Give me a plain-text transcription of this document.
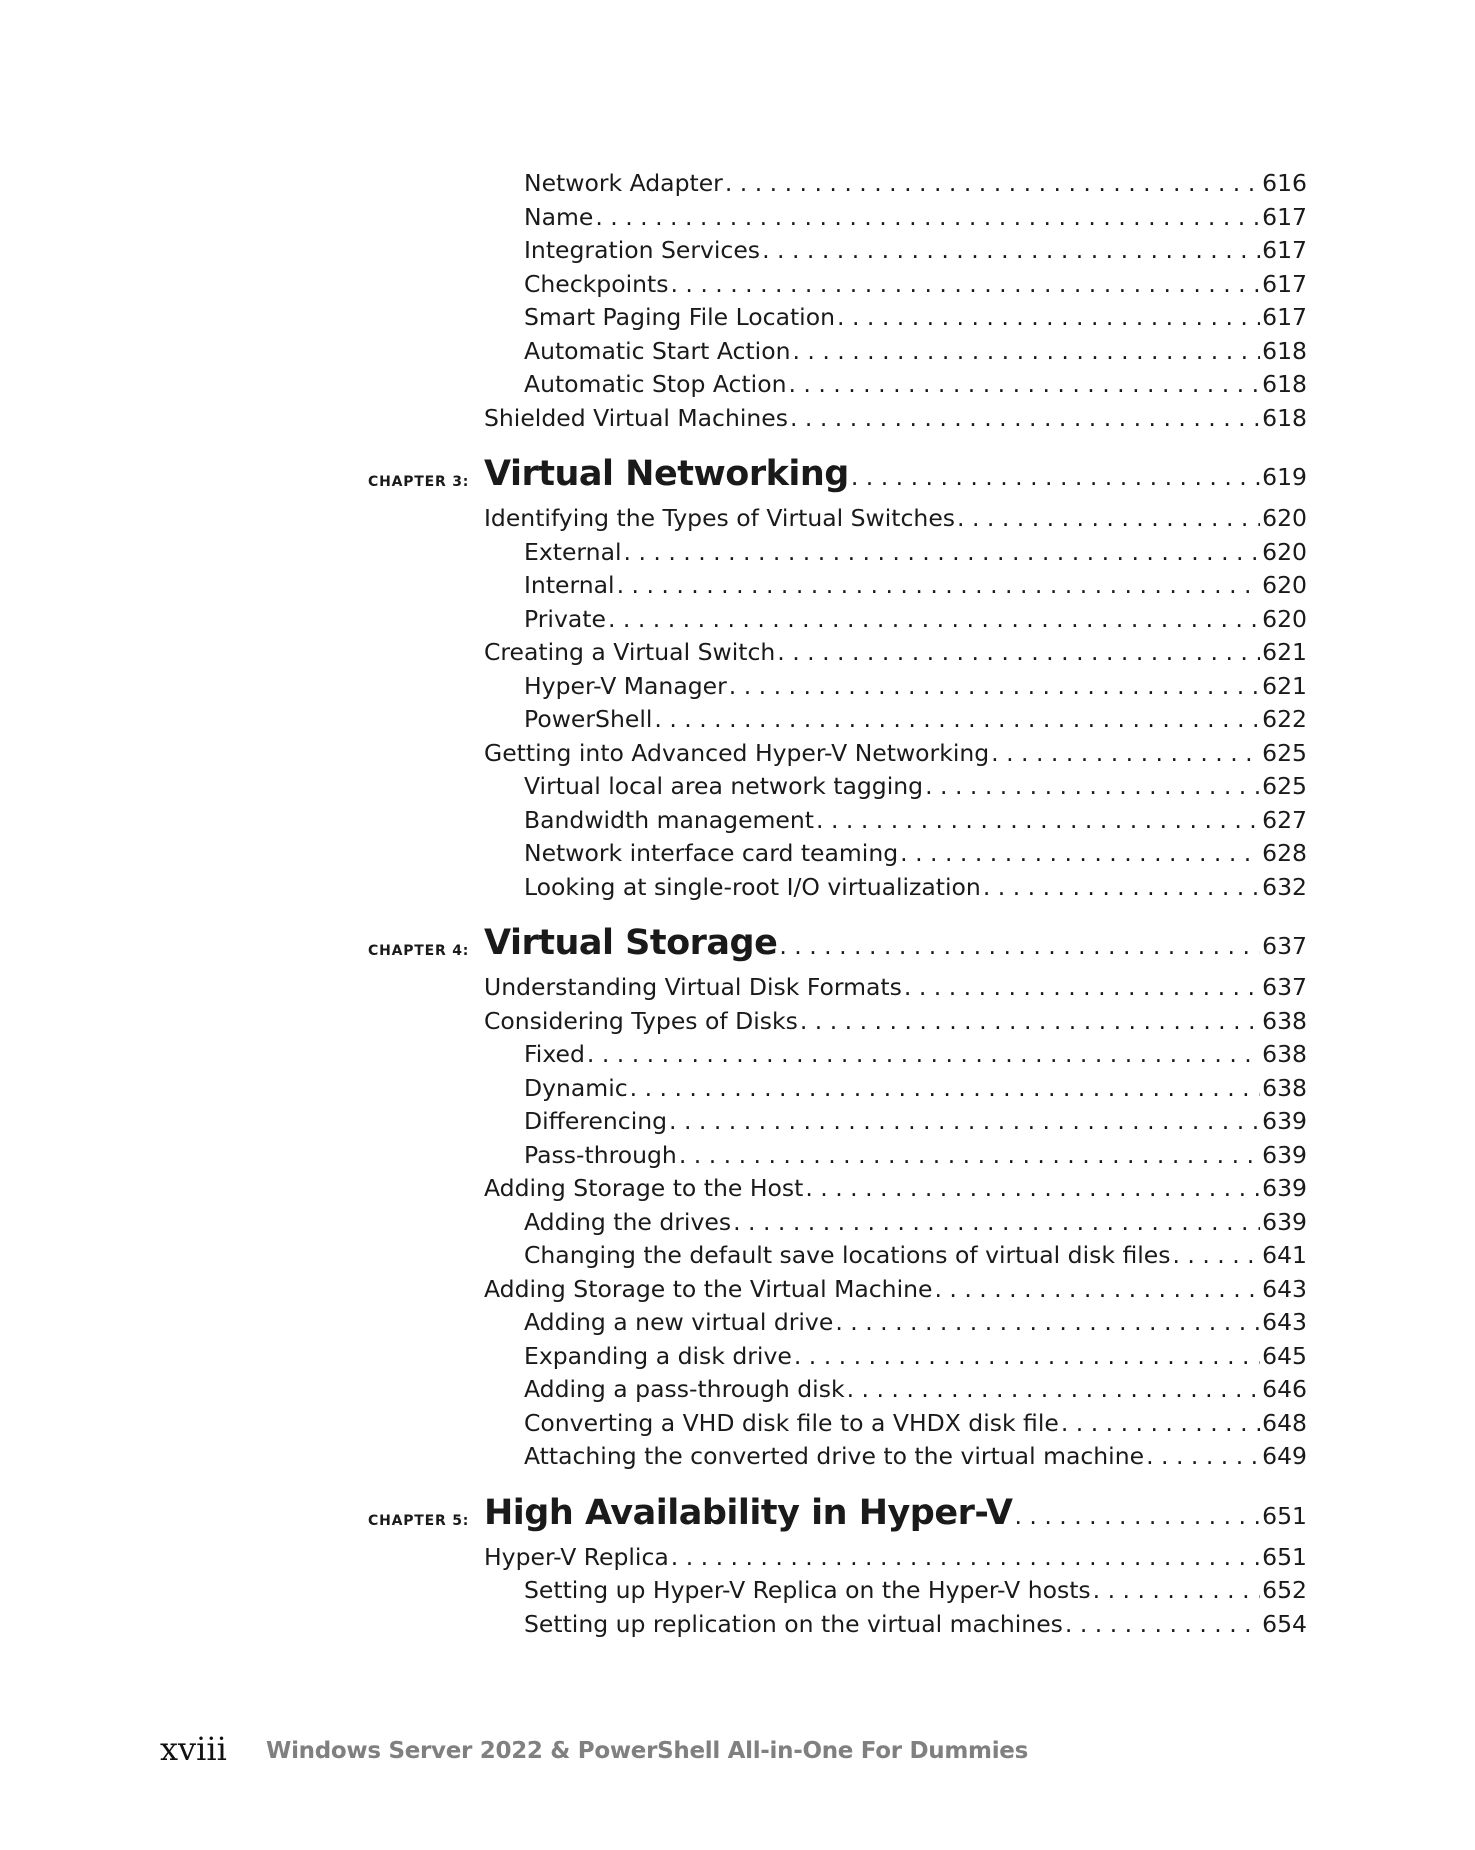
Network Adapter . . .	616
Name . . .	617
Integration Services . . .	617
Checkpoints . . .	617
Smart Paging File Location . . .	617
Automatic Start Action . . .	618
Automatic Stop Action . . .	618
Shielded Virtual Machines . . .	618
CHAPTER 3: Virtual Networking . . .	619
Identifying the Types of Virtual Switches . . .	620
External . . .	620
Internal . . .	620
Private . . .	620
Creating a Virtual Switch . . .	621
Hyper-V Manager . . .	621
PowerShell . . .	622
Getting into Advanced Hyper-V Networking . . .	625
Virtual local area network tagging . . .	625
Bandwidth management . . .	627
Network interface card teaming . . .	628
Looking at single-root I/O virtualization . . .	632
CHAPTER 4: Virtual Storage . . .	637
Understanding Virtual Disk Formats . . .	637
Considering Types of Disks . . .	638
Fixed . . .	638
Dynamic . . .	638
Differencing . . .	639
Pass-through . . .	639
Adding Storage to the Host . . .	639
Adding the drives . . .	639
Changing the default save locations of virtual disk files . . .	641
Adding Storage to the Virtual Machine . . .	643
Adding a new virtual drive . . .	643
Expanding a disk drive . . .	645
Adding a pass-through disk . . .	646
Converting a VHD disk file to a VHDX disk file . . .	648
Attaching the converted drive to the virtual machine . . .	649
CHAPTER 5: High Availability in Hyper-V . . .	651
Hyper-V Replica . . .	651
Setting up Hyper-V Replica on the Hyper-V hosts . . .	652
Setting up replication on the virtual machines . . .	654
xviii Windows Server 2022 & PowerShell All-in-One For Dummies
